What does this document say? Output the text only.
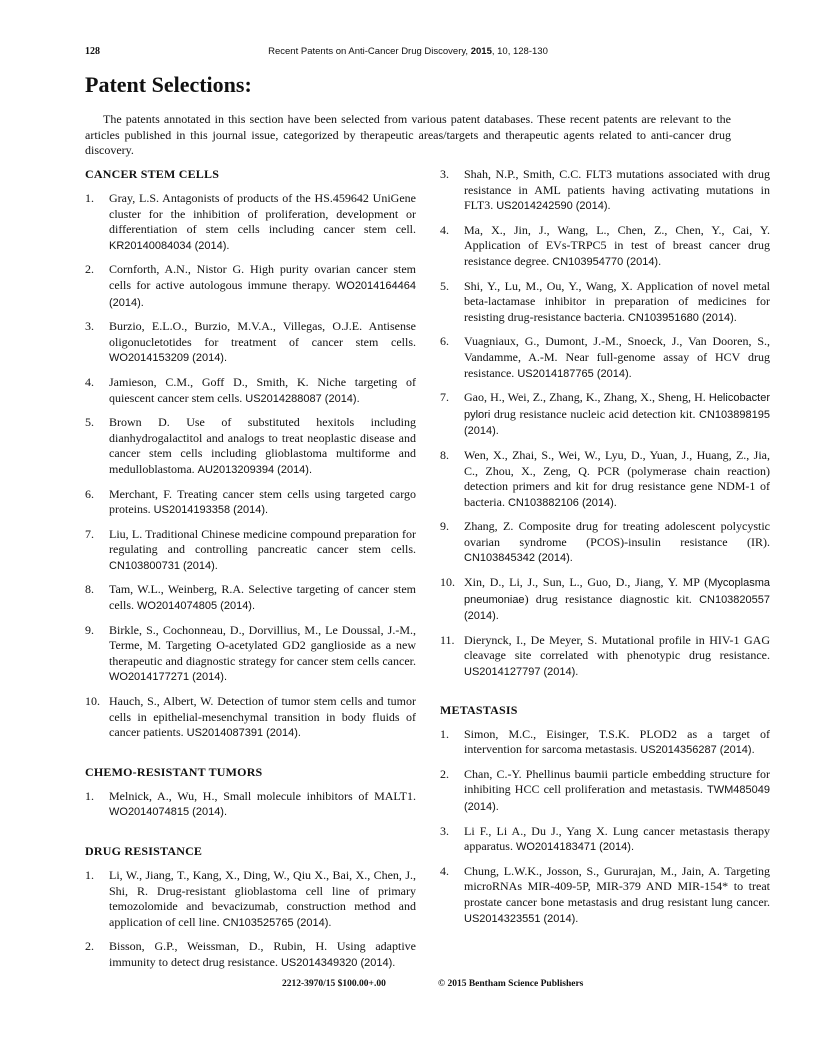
128	Recent Patents on Anti-Cancer Drug Discovery, 2015, 10, 128-130
Patent Selections:

The patents annotated in this section have been selected from various patent databases. These recent patents are relevant to the articles published in this journal issue, categorized by therapeutic areas/targets and therapeutic agents related to anti-cancer drug discovery.

CANCER STEM CELLS
1. Gray, L.S. Antagonists of products of the HS.459642 UniGene cluster for the inhibition of proliferation, development or differentiation of stem cells including cancer stem cell. KR20140084034 (2014).
2. Cornforth, A.N., Nistor G. High purity ovarian cancer stem cells for active autologous immune therapy. WO2014164464 (2014).
3. Burzio, E.L.O., Burzio, M.V.A., Villegas, O.J.E. Antisense oligonucletotides for treatment of cancer stem cells. WO2014153209 (2014).
4. Jamieson, C.M., Goff D., Smith, K. Niche targeting of quiescent cancer stem cells. US2014288087 (2014).
5. Brown D. Use of substituted hexitols including dianhydrogalactitol and analogs to treat neoplastic disease and cancer stem cells including glioblastoma multiforme and medulloblastoma. AU2013209394 (2014).
6. Merchant, F. Treating cancer stem cells using targeted cargo proteins. US2014193358 (2014).
7. Liu, L. Traditional Chinese medicine compound preparation for regulating and controlling pancreatic cancer stem cells. CN103800731 (2014).
8. Tam, W.L., Weinberg, R.A. Selective targeting of cancer stem cells. WO2014074805 (2014).
9. Birkle, S., Cochonneau, D., Dorvillius, M., Le Doussal, J.-M., Terme, M. Targeting O-acetylated GD2 ganglioside as a new therapeutic and diagnostic strategy for cancer stem cells cancer. WO2014177271 (2014).
10. Hauch, S., Albert, W. Detection of tumor stem cells and tumor cells in epithelial-mesenchymal transition in body fluids of cancer patients. US2014087391 (2014).
CHEMO-RESISTANT TUMORS
1. Melnick, A., Wu, H., Small molecule inhibitors of MALT1. WO2014074815 (2014).
DRUG RESISTANCE
1. Li, W., Jiang, T., Kang, X., Ding, W., Qiu X., Bai, X., Chen, J., Shi, R. Drug-resistant glioblastoma cell line of primary temozolomide and bevacizumab, construction method and application of cell line. CN103525765 (2014).
2. Bisson, G.P., Weissman, D., Rubin, H. Using adaptive immunity to detect drug resistance. US2014349320 (2014).
3. Shah, N.P., Smith, C.C. FLT3 mutations associated with drug resistance in AML patients having activating mutations in FLT3. US2014242590 (2014).
4. Ma, X., Jin, J., Wang, L., Chen, Z., Chen, Y., Cai, Y. Application of EVs-TRPC5 in test of breast cancer drug resistance degree. CN103954770 (2014).
5. Shi, Y., Lu, M., Ou, Y., Wang, X. Application of novel metal beta-lactamase inhibitor in preparation of medicines for resisting drug-resistance bacteria. CN103951680 (2014).
6. Vuagniaux, G., Dumont, J.-M., Snoeck, J., Van Dooren, S., Vandamme, A.-M. Near full-genome assay of HCV drug resistance. US2014187765 (2014).
7. Gao, H., Wei, Z., Zhang, K., Zhang, X., Sheng, H. Helicobacter pylori drug resistance nucleic acid detection kit. CN103898195 (2014).
8. Wen, X., Zhai, S., Wei, W., Lyu, D., Yuan, J., Huang, Z., Jia, C., Zhou, X., Zeng, Q. PCR (polymerase chain reaction) detection primers and kit for drug resistance gene NDM-1 of bacteria. CN103882106 (2014).
9. Zhang, Z. Composite drug for treating adolescent polycystic ovarian syndrome (PCOS)-insulin resistance (IR). CN103845342 (2014).
10. Xin, D., Li, J., Sun, L., Guo, D., Jiang, Y. MP (Mycoplasma pneumoniae) drug resistance diagnostic kit. CN103820557 (2014).
11. Dierynck, I., De Meyer, S. Mutational profile in HIV-1 GAG cleavage site correlated with phenotypic drug resistance. US2014127797 (2014).
METASTASIS
1. Simon, M.C., Eisinger, T.S.K. PLOD2 as a target of intervention for sarcoma metastasis. US2014356287 (2014).
2. Chan, C.-Y. Phellinus baumii particle embedding structure for inhibiting HCC cell proliferation and metastasis. TWM485049 (2014).
3. Li F., Li A., Du J., Yang X. Lung cancer metastasis therapy apparatus. WO2014183471 (2014).
4. Chung, L.W.K., Josson, S., Gururajan, M., Jain, A. Targeting microRNAs MIR-409-5P, MIR-379 AND MIR-154* to treat prostate cancer bone metastasis and drug resistant lung cancer. US2014323551 (2014).
2212-3970/15 $100.00+.00	© 2015 Bentham Science Publishers
